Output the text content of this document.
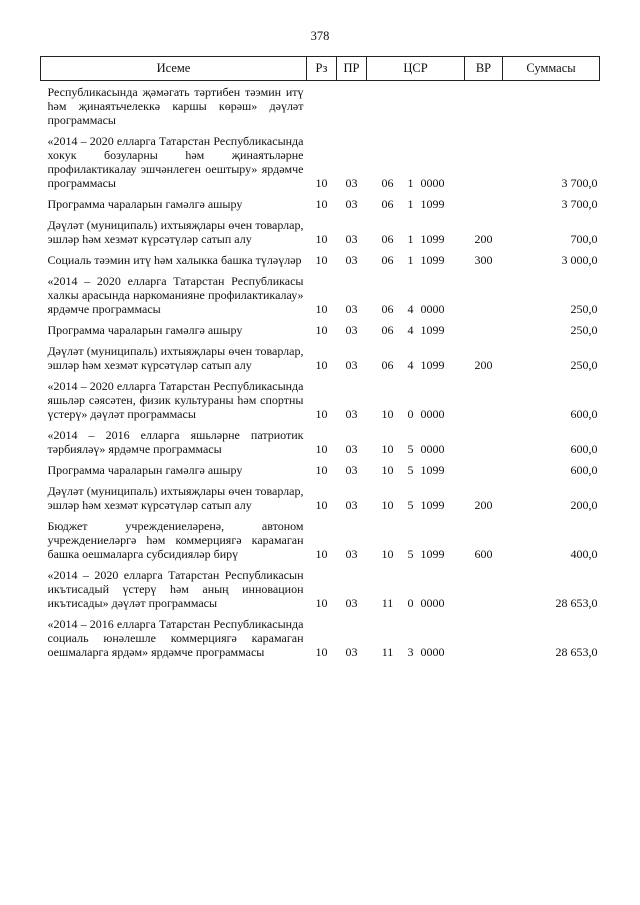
378
Исеме	Рз	ПР	ЦСР	ВР	Суммасы
Республикасында җәмәгать тәртибен тәэмин итү һәм җинаятьчелеккә каршы көрәш» дәүләт программасы					
«2014 – 2020 елларга Татарстан Республикасында хокук бозуларны һәм җинаятьләрне профилактикалау эшчәнлеген оештыру» ярдәмче программасы	10	03	06 1 0000		3 700,0
Программа чараларын гамәлгә ашыру	10	03	06 1 1099		3 700,0
Дәүләт (муниципаль) ихтыяҗлары өчен товарлар, эшләр һәм хезмәт күрсәтүләр сатып алу	10	03	06 1 1099	200	700,0
Социаль тәэмин итү һәм халыкка башка түләүләр	10	03	06 1 1099	300	3 000,0
«2014 – 2020 елларга Татарстан Республикасы халкы арасында наркоманияне профилактикалау» ярдәмче программасы	10	03	06 4 0000		250,0
Программа чараларын гамәлгә ашыру	10	03	06 4 1099		250,0
Дәүләт (муниципаль) ихтыяҗлары өчен товарлар, эшләр һәм хезмәт күрсәтүләр сатып алу	10	03	06 4 1099	200	250,0
«2014 – 2020 елларга Татарстан Республикасында яшьләр сәясәтен, физик культураны һәм спортны үстерү» дәүләт программасы	10	03	10 0 0000		600,0
«2014 – 2016 елларга яшьләрне патриотик тәрбияләү» ярдәмче программасы	10	03	10 5 0000		600,0
Программа чараларын гамәлгә ашыру	10	03	10 5 1099		600,0
Дәүләт (муниципаль) ихтыяҗлары өчен товарлар, эшләр һәм хезмәт күрсәтүләр сатып алу	10	03	10 5 1099	200	200,0
Бюджет учреждениеләренә, автоном учреждениеләргә һәм коммерциягә карамаган башка оешмаларга субсидияләр бирү	10	03	10 5 1099	600	400,0
«2014 – 2020 елларга Татарстан Республикасын икътисадый үстерү һәм аның инновацион икътисады» дәүләт программасы	10	03	11 0 0000		28 653,0
«2014 – 2016 елларга Татарстан Республикасында социаль юнәлешле коммерциягә карамаган оешмаларга ярдәм» ярдәмче программасы	10	03	11 3 0000		28 653,0
